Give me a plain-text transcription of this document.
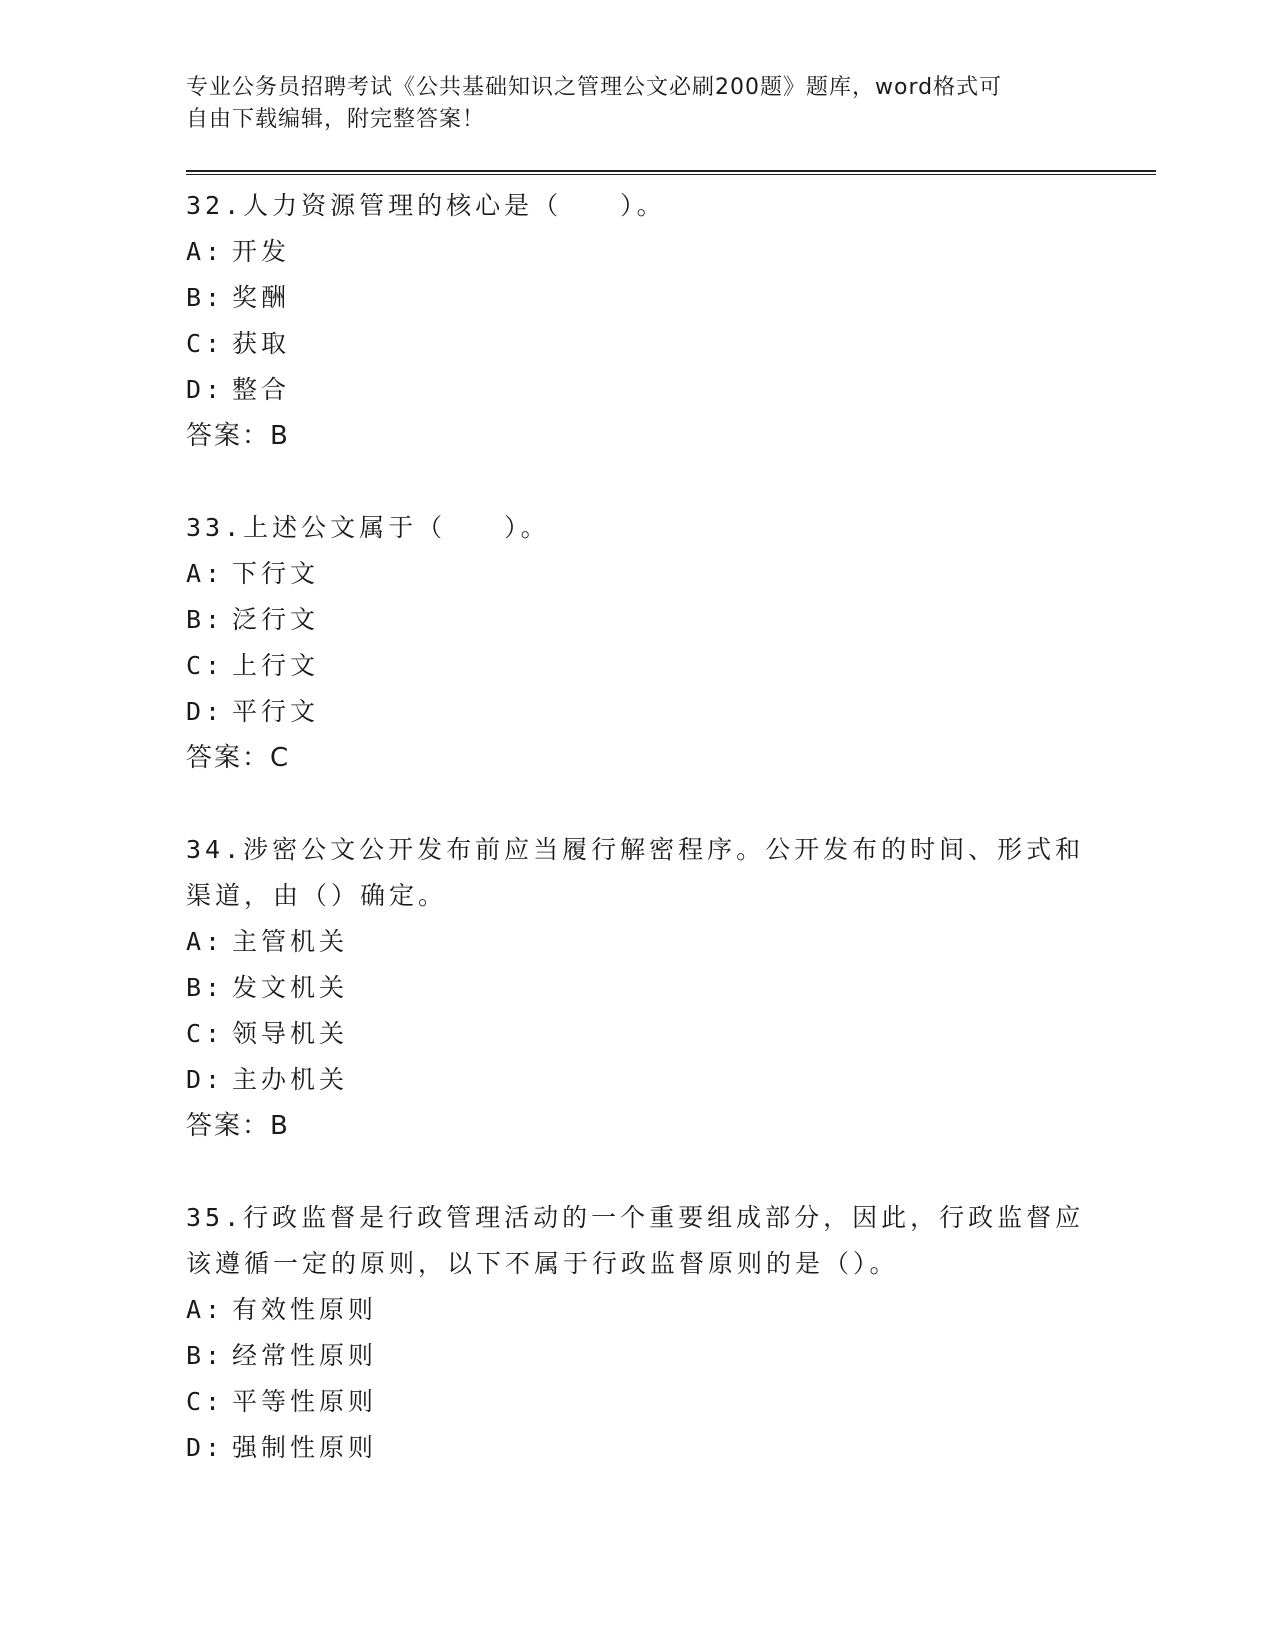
专业公务员招聘考试《公共基础知识之管理公文必刷200题》题库，word格式可
自由下载编辑，附完整答案！
32.人力资源管理的核心是（　　）。
A: 开发
B: 奖酬
C: 获取
D: 整合
答案：B
33.上述公文属于（　　）。
A: 下行文
B: 泛行文
C: 上行文
D: 平行文
答案：C
34.涉密公文公开发布前应当履行解密程序。公开发布的时间、形式和渠道，由（）确定。
A: 主管机关
B: 发文机关
C: 领导机关
D: 主办机关
答案：B
35.行政监督是行政管理活动的一个重要组成部分，因此，行政监督应该遵循一定的原则，以下不属于行政监督原则的是（）。
A: 有效性原则
B: 经常性原则
C: 平等性原则
D: 强制性原则
